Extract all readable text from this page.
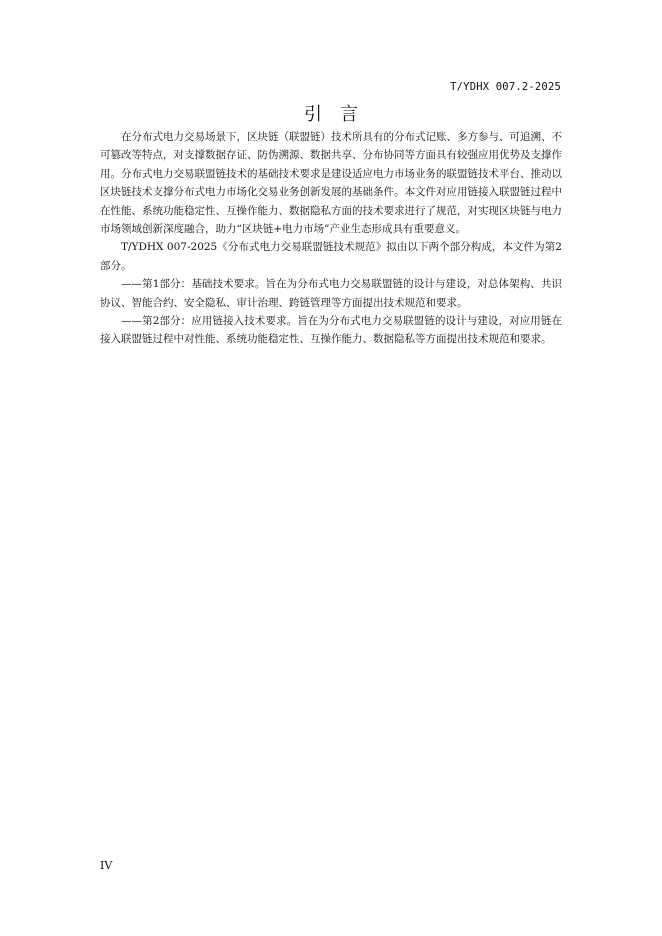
T/YDHX 007.2-2025
引言

在分布式电力交易场景下，区块链（联盟链）技术所具有的分布式记账、多方参与、可追溯、不可篡改等特点，对支撑数据存证、防伪溯源、数据共享、分布协同等方面具有较强应用优势及支撑作用。分布式电力交易联盟链技术的基础技术要求是建设适应电力市场业务的联盟链技术平台、推动以区块链技术支撑分布式电力市场化交易业务创新发展的基础条件。本文件对应用链接入联盟链过程中在性能、系统功能稳定性、互操作能力、数据隐私方面的技术要求进行了规范，对实现区块链与电力市场领域创新深度融合，助力“区块链+电力市场”产业生态形成具有重要意义。

T/YDHX 007-2025《分布式电力交易联盟链技术规范》拟由以下两个部分构成，本文件为第2部分。

——第1部分：基础技术要求。旨在为分布式电力交易联盟链的设计与建设，对总体架构、共识协议、智能合约、安全隐私、审计治理、跨链管理等方面提出技术规范和要求。

——第2部分：应用链接入技术要求。旨在为分布式电力交易联盟链的设计与建设，对应用链在接入联盟链过程中对性能、系统功能稳定性、互操作能力、数据隐私等方面提出技术规范和要求。

IV
